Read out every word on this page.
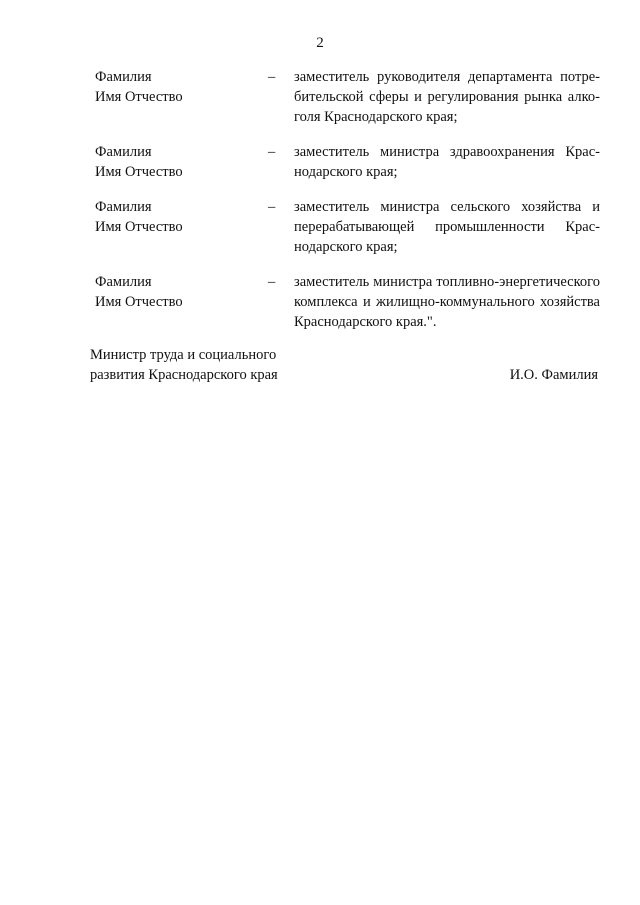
2
Фамилия
Имя Отчество
– заместитель руководителя департамента потребительской сферы и регулирования рынка алкоголя Краснодарского края;
Фамилия
Имя Отчество
– заместитель министра здравоохранения Краснодарского края;
Фамилия
Имя Отчество
– заместитель министра сельского хозяйства и перерабатывающей промышленности Краснодарского края;
Фамилия
Имя Отчество
– заместитель министра топливно-энергетического комплекса и жилищно-коммунального хозяйства Краснодарского края.".
Министр труда и социального
развития Краснодарского края	И.О. Фамилия
